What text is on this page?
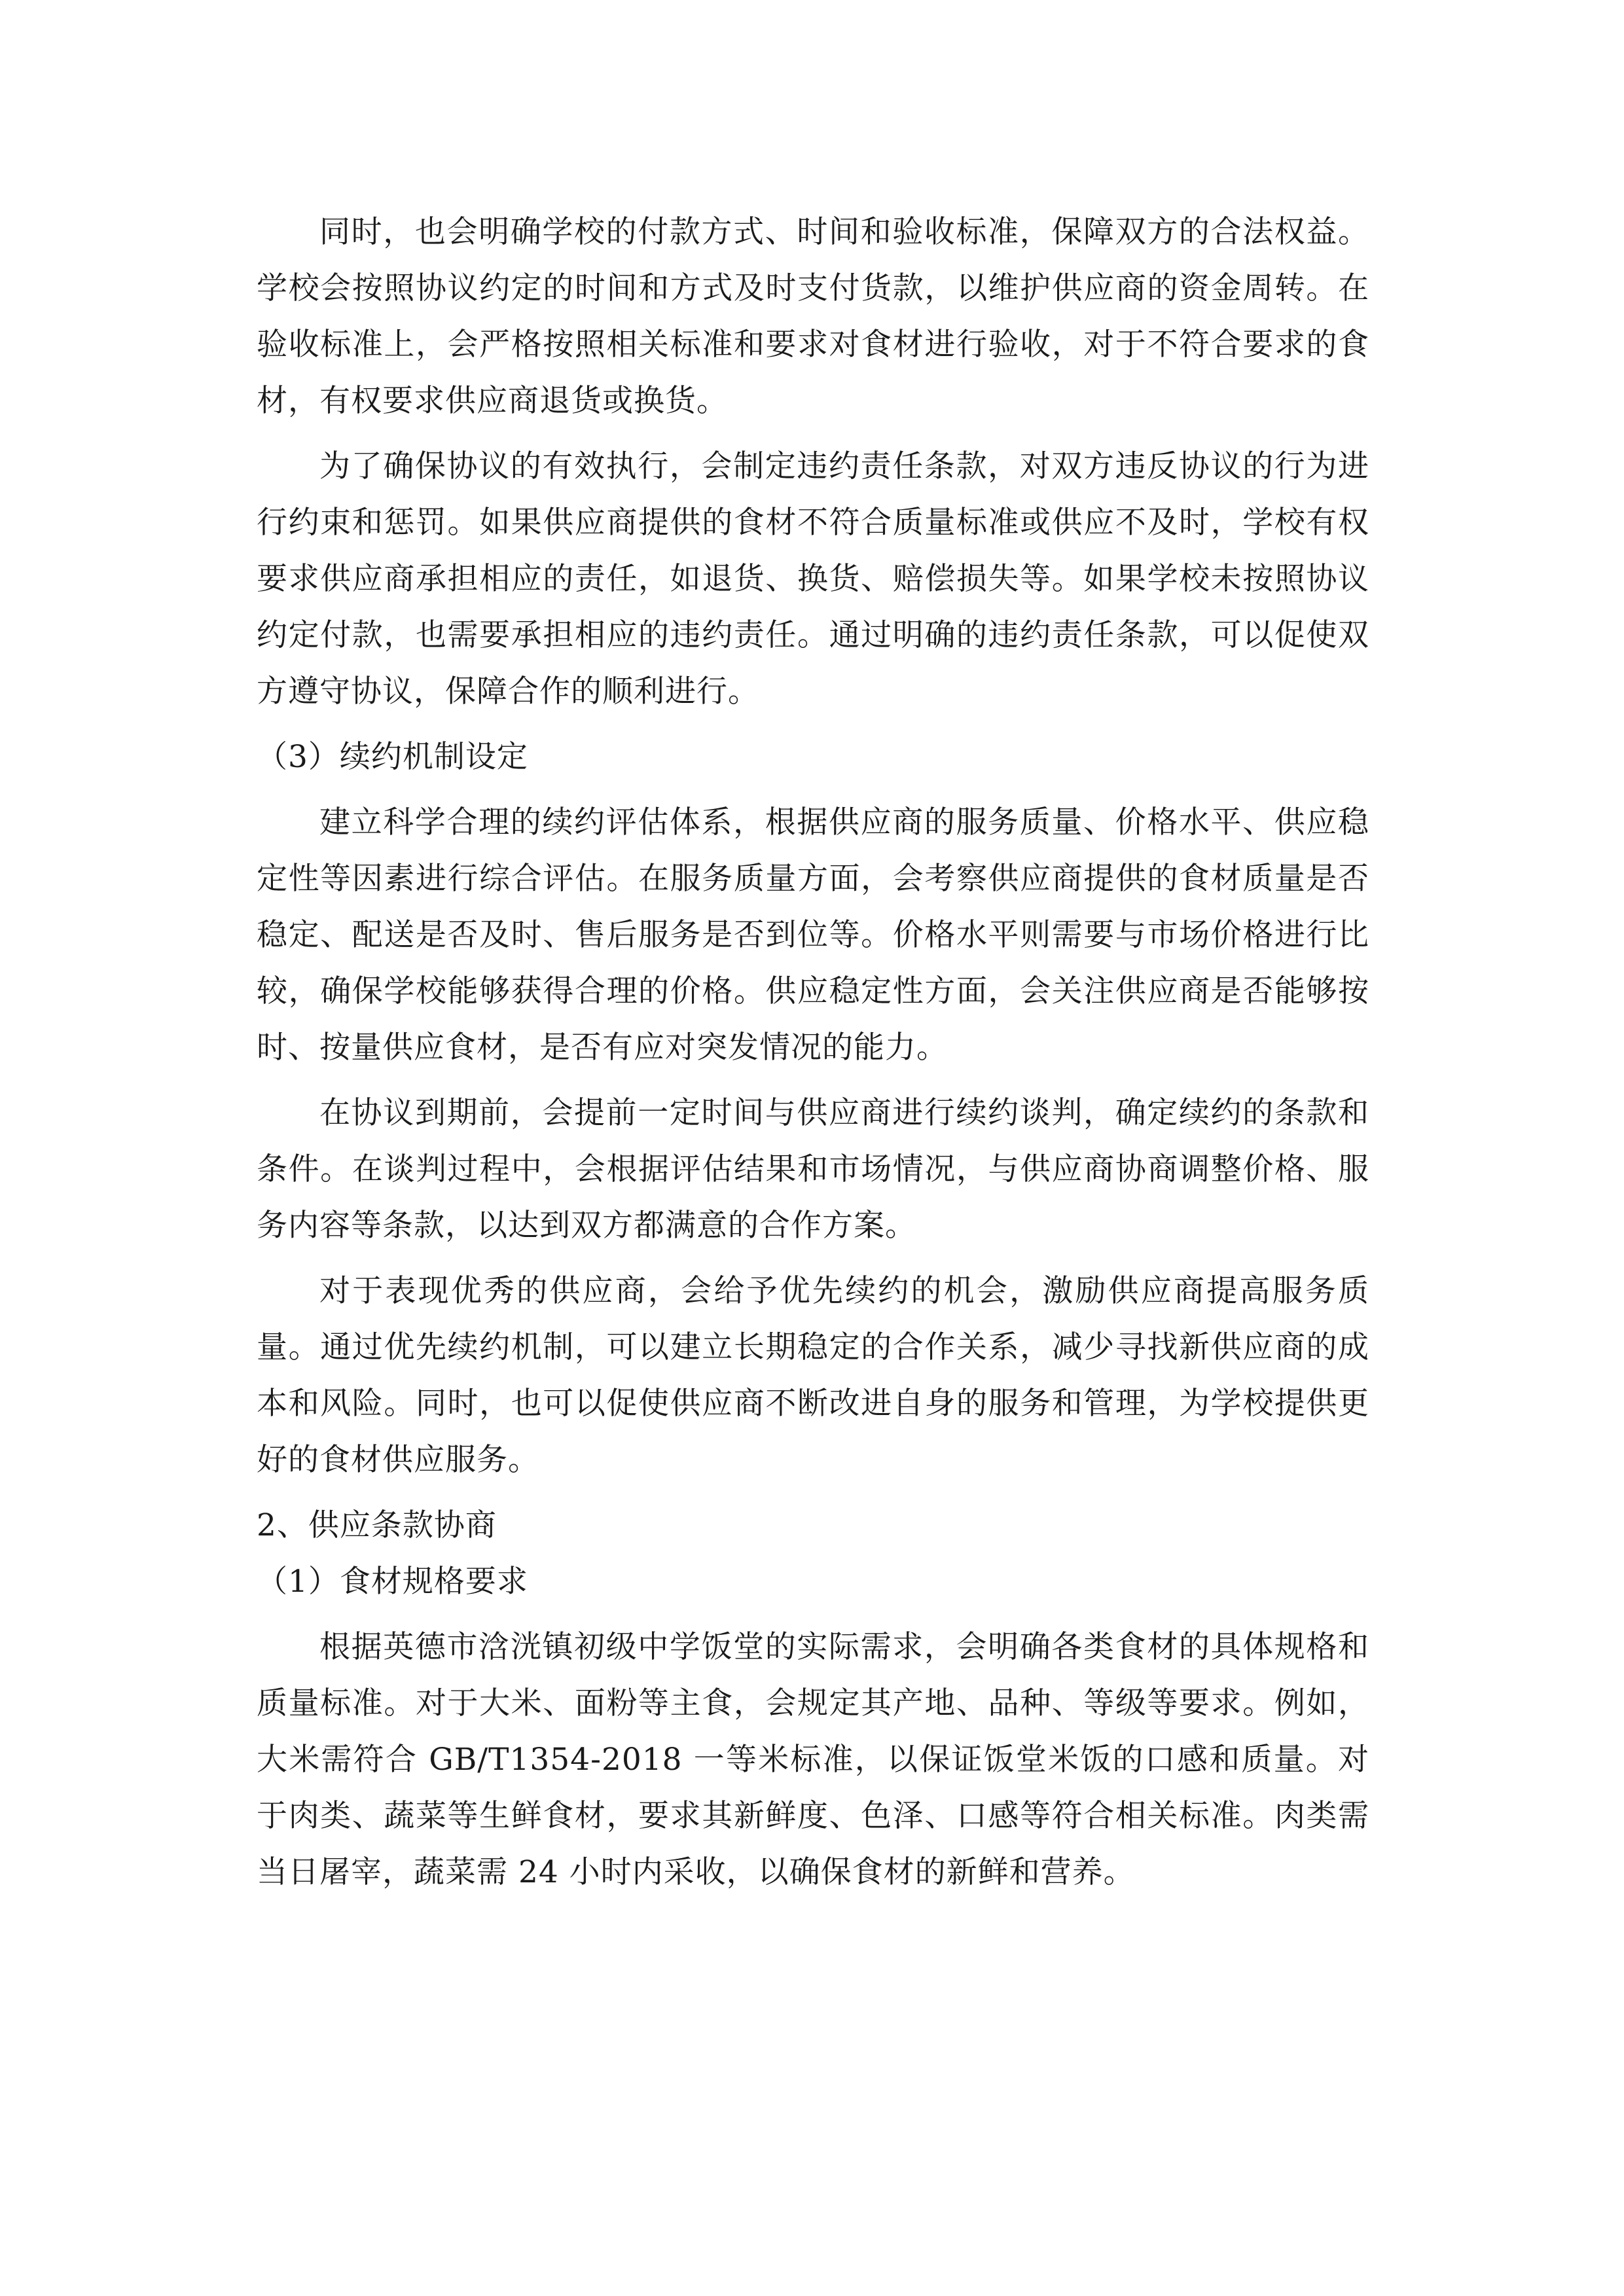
同时，也会明确学校的付款方式、时间和验收标准，保障双方的合法权益。学校会按照协议约定的时间和方式及时支付货款，以维护供应商的资金周转。在验收标准上，会严格按照相关标准和要求对食材进行验收，对于不符合要求的食材，有权要求供应商退货或换货。

为了确保协议的有效执行，会制定违约责任条款，对双方违反协议的行为进行约束和惩罚。如果供应商提供的食材不符合质量标准或供应不及时，学校有权要求供应商承担相应的责任，如退货、换货、赔偿损失等。如果学校未按照协议约定付款，也需要承担相应的违约责任。通过明确的违约责任条款，可以促使双方遵守协议，保障合作的顺利进行。

（3）续约机制设定

建立科学合理的续约评估体系，根据供应商的服务质量、价格水平、供应稳定性等因素进行综合评估。在服务质量方面，会考察供应商提供的食材质量是否稳定、配送是否及时、售后服务是否到位等。价格水平则需要与市场价格进行比较，确保学校能够获得合理的价格。供应稳定性方面，会关注供应商是否能够按时、按量供应食材，是否有应对突发情况的能力。

在协议到期前，会提前一定时间与供应商进行续约谈判，确定续约的条款和条件。在谈判过程中，会根据评估结果和市场情况，与供应商协商调整价格、服务内容等条款，以达到双方都满意的合作方案。

对于表现优秀的供应商，会给予优先续约的机会，激励供应商提高服务质量。通过优先续约机制，可以建立长期稳定的合作关系，减少寻找新供应商的成本和风险。同时，也可以促使供应商不断改进自身的服务和管理，为学校提供更好的食材供应服务。

2、供应条款协商

（1）食材规格要求

根据英德市浛洸镇初级中学饭堂的实际需求，会明确各类食材的具体规格和质量标准。对于大米、面粉等主食，会规定其产地、品种、等级等要求。例如，大米需符合 GB/T1354-2018 一等米标准，以保证饭堂米饭的口感和质量。对于肉类、蔬菜等生鲜食材，要求其新鲜度、色泽、口感等符合相关标准。肉类需当日屠宰，蔬菜需 24 小时内采收，以确保食材的新鲜和营养。
